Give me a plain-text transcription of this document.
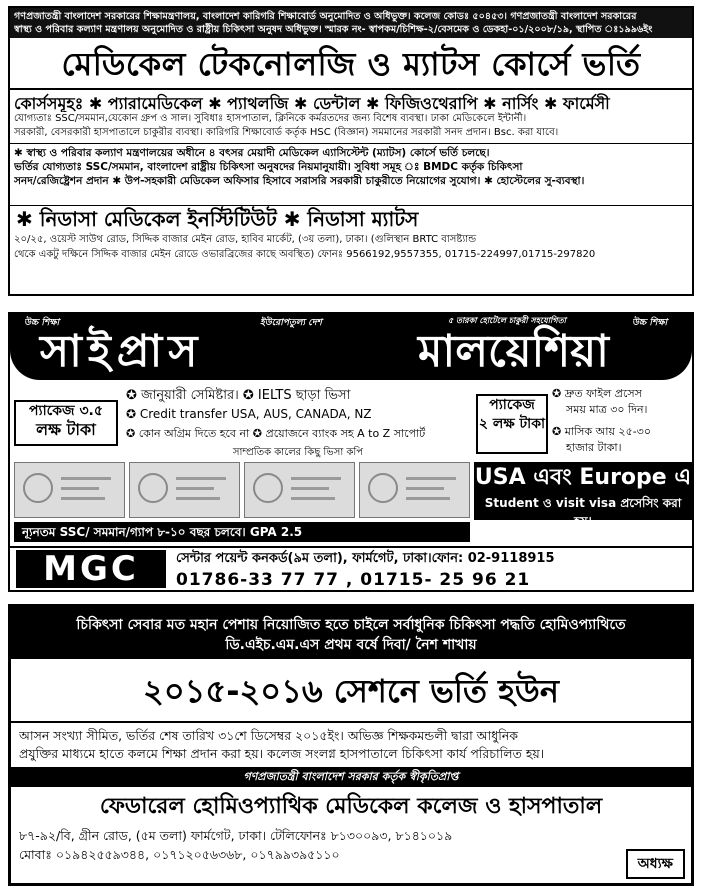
গণপ্রজাতন্ত্রী বাংলাদেশ সরকারের শিক্ষামন্ত্রণালয়, বাংলাদেশ কারিগরি শিক্ষাবোর্ড অনুমোদিত ও অধিভুক্ত। কলেজ কোডঃ ৫০৪৫৩। গণপ্রজাতন্ত্রী বাংলাদেশ সরকারের
স্বাস্থ্য ও পরিবার কল্যাণ মন্ত্রণালয় অনুমোদিত ও রাষ্ট্রীয় চিকিৎসা অনুষদ অধিভুক্ত। স্মারক নং- স্বাপকম/চিশিক্ষ-২/বেসমেক ও ডেকহা-০১/২০০৮/১৯, স্থাপিত ঃ১৯৯৬ইং
মেডিকেল টেকনোলজি ও ম্যাটস কোর্সে ভর্তি
কোর্সসমূহঃ ✱ প্যারামেডিকেল ✱ প্যাথলজি ✱ ডেন্টাল ✱ ফিজিওথেরাপি ✱ নার্সিং ✱ ফার্মেসী
যোগ্যতাঃ SSC/সমমান,যেকোন গ্রুপ ও সাল। সুবিধাঃ হাসপাতাল, ক্লিনিকে কর্মরতদের জন্য বিশেষ ব্যবস্থা। ঢাকা মেডিকেলে ইন্টার্নী।
সরকারী, বেসরকারী হাসপাতালে চাকুরীর ব্যবস্থা। কারিগরি শিক্ষাবোর্ড কর্তৃক HSC (বিজ্ঞান) সমমানের সরকারী সনদ প্রদান। Bsc. করা যাবে।
✱ স্বাস্থ্য ও পরিবার কল্যাণ মন্ত্রণালয়ের অধীনে ৪ বৎসর মেয়াদী মেডিকেল এ্যাসিস্টেন্ট (ম্যাটস) কোর্সে ভর্তি চলছে।
ভর্তির যোগ্যতাঃ SSC/সমমান, বাংলাদেশ রাষ্ট্রীয় চিকিৎসা অনুষদের নিয়মানুযায়ী। সুবিধা সমূহ ঃ BMDC কর্তৃক চিকিৎসা
সনদ/রেজিষ্ট্রেশন প্রদান ✱ উপ-সহকারী মেডিকেল অফিসার হিসাবে সরাসরি সরকারী চাকুরীতে নিয়োগের সুযোগ। ✱ হোস্টেলের সু-ব্যবস্থা।
✱ নিডাসা মেডিকেল ইনস্টিটিউট ✱ নিডাসা ম্যাটস
২০/২৫, ওয়েস্ট সাউথ রোড, সিদ্দিক বাজার মেইন রোড, হাবিব মার্কেট, (৩য় তলা), ঢাকা। (গুলিস্থান BRTC বাসষ্ট্যান্ড
থেকে একটু দক্ষিনে সিদ্দিক বাজার মেইন রোডে ওভারব্রিজের কাছে অবস্থিত) ফোনঃ 9566192,9557355, 01715-224997,01715-297820
উচ্চ শিক্ষা	ইউরোপতুল্য দেশ	৫ তারকা হোটেলে চাকুরী সহযোগিতা	উচ্চ শিক্ষা
সাইপ্রাস	মালয়েশিয়া
প্যাকেজ ৩.৫
লক্ষ টাকা
✪ জানুয়ারী সেমিষ্টার। ✪ IELTS ছাড়া ভিসা
✪ Credit transfer USA, AUS, CANADA, NZ
✪ কোন অগ্রিম দিতে হবে না ✪ প্রয়োজনে ব্যাংক সহ A to Z সাপোর্ট
সাম্প্রতিক কালের কিছু ভিসা কপি
প্যাকেজ
২ লক্ষ টাকা
✪ দ্রুত ফাইল প্রসেস
সময় মাত্র ৩০ দিন।
✪ মাসিক আয় ২৫-৩০
হাজার টাকা।
USA এবং Europe এ
Student ও visit visa প্রসেসিং করা হয়।
ন্যূনতম SSC/ সমমান/গ্যাপ ৮-১০ বছর চলবে। GPA 2.5
MGC	সেন্টার পয়েন্ট কনকর্ড(৯ম তলা), ফার্মগেট, ঢাকা।ফোন: 02-9118915
01786-33 77 77 , 01715- 25 96 21
চিকিৎসা সেবার মত মহান পেশায় নিয়োজিত হতে চাইলে সর্বাধুনিক চিকিৎসা পদ্ধতি হোমিওপ্যাথিতে
ডি.এইচ.এম.এস প্রথম বর্ষে দিবা/ নৈশ শাখায়
২০১৫-২০১৬ সেশনে ভর্তি হউন
আসন সংখ্যা সীমিত, ভর্তির শেষ তারিখ ৩১শে ডিসেম্বর ২০১৫ইং। অভিজ্ঞ শিক্ষকমন্ডলী দ্বারা আধুনিক
প্রযুক্তির মাধ্যমে হাতে কলমে শিক্ষা প্রদান করা হয়। কলেজ সংলগ্ন হাসপাতালে চিকিৎসা কার্য পরিচালিত হয়।
গণপ্রজাতন্ত্রী বাংলাদেশ সরকার কর্তৃক স্বীকৃতিপ্রাপ্ত
ফেডারেল হোমিওপ্যাথিক মেডিকেল কলেজ ও হাসপাতাল
৮৭-৯২/বি, গ্রীন রোড, (৫ম তলা) ফার্মগেট, ঢাকা। টেলিফোনঃ ৮১৩০০৯৩, ৮১৪১০১৯
মোবাঃ ০১৯৪২৫৫৯৩৪৪, ০১৭১২০৫৬৩৬৮, ০১৭৯৯৩৯৫১১০
অধ্যক্ষ
